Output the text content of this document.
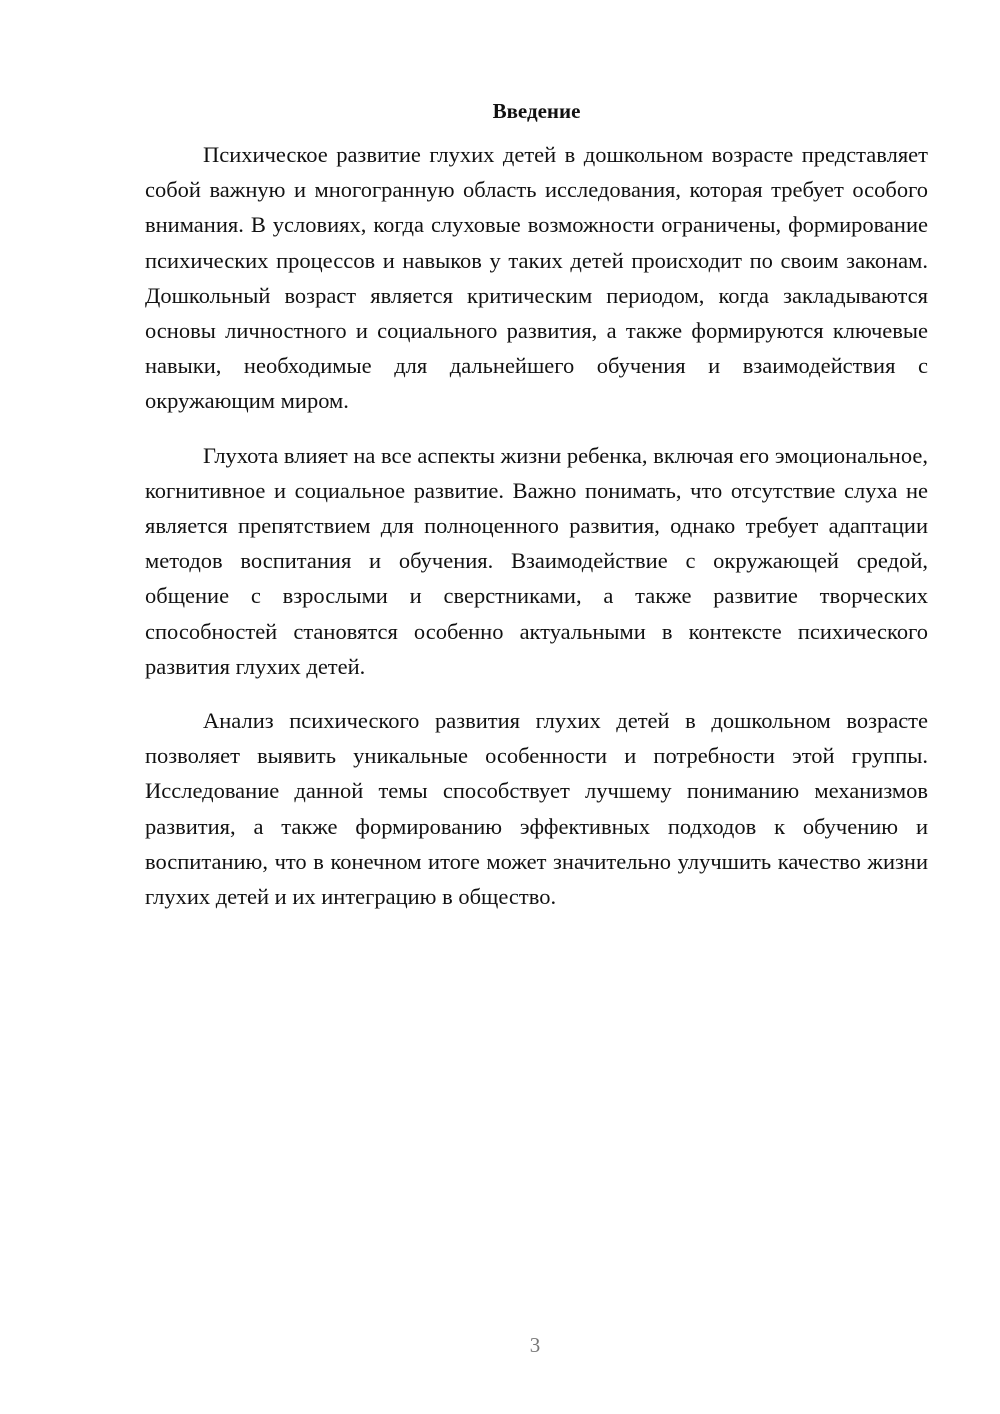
Введение

Психическое развитие глухих детей в дошкольном возрасте представляет собой важную и многогранную область исследования, которая требует особого внимания. В условиях, когда слуховые возможности ограничены, формирование психических процессов и навыков у таких детей происходит по своим законам. Дошкольный возраст является критическим периодом, когда закладываются основы личностного и социального развития, а также формируются ключевые навыки, необходимые для дальнейшего обучения и взаимодействия с окружающим миром.

Глухота влияет на все аспекты жизни ребенка, включая его эмоциональное, когнитивное и социальное развитие. Важно понимать, что отсутствие слуха не является препятствием для полноценного развития, однако требует адаптации методов воспитания и обучения. Взаимодействие с окружающей средой, общение с взрослыми и сверстниками, а также развитие творческих способностей становятся особенно актуальными в контексте психического развития глухих детей.

Анализ психического развития глухих детей в дошкольном возрасте позволяет выявить уникальные особенности и потребности этой группы. Исследование данной темы способствует лучшему пониманию механизмов развития, а также формированию эффективных подходов к обучению и воспитанию, что в конечном итоге может значительно улучшить качество жизни глухих детей и их интеграцию в общество.

3
